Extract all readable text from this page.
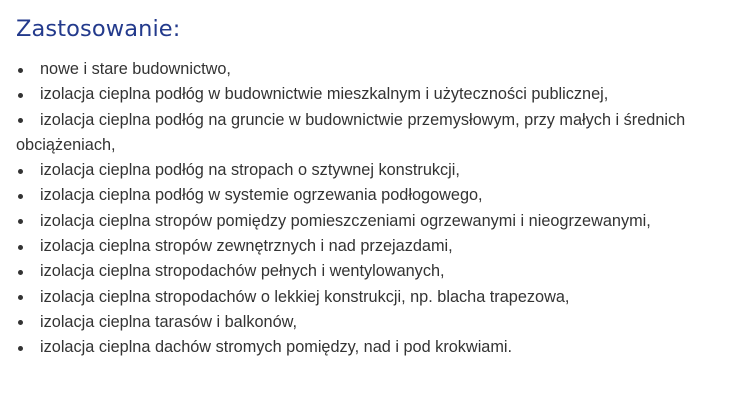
Zastosowanie:
nowe i stare budownictwo,
izolacja cieplna podłóg w budownictwie mieszkalnym i użyteczności publicznej,
izolacja cieplna podłóg na gruncie w budownictwie przemysłowym, przy małych i średnich obciążeniach,
izolacja cieplna podłóg na stropach o sztywnej konstrukcji,
izolacja cieplna podłóg w systemie ogrzewania podłogowego,
izolacja cieplna stropów pomiędzy pomieszczeniami ogrzewanymi i nieogrzewanymi,
izolacja cieplna stropów zewnętrznych i nad przejazdami,
izolacja cieplna stropodachów pełnych i wentylowanych,
izolacja cieplna stropodachów o lekkiej konstrukcji, np. blacha trapezowa,
izolacja cieplna tarasów i balkonów,
izolacja cieplna dachów stromych pomiędzy, nad i pod krokwiami.
